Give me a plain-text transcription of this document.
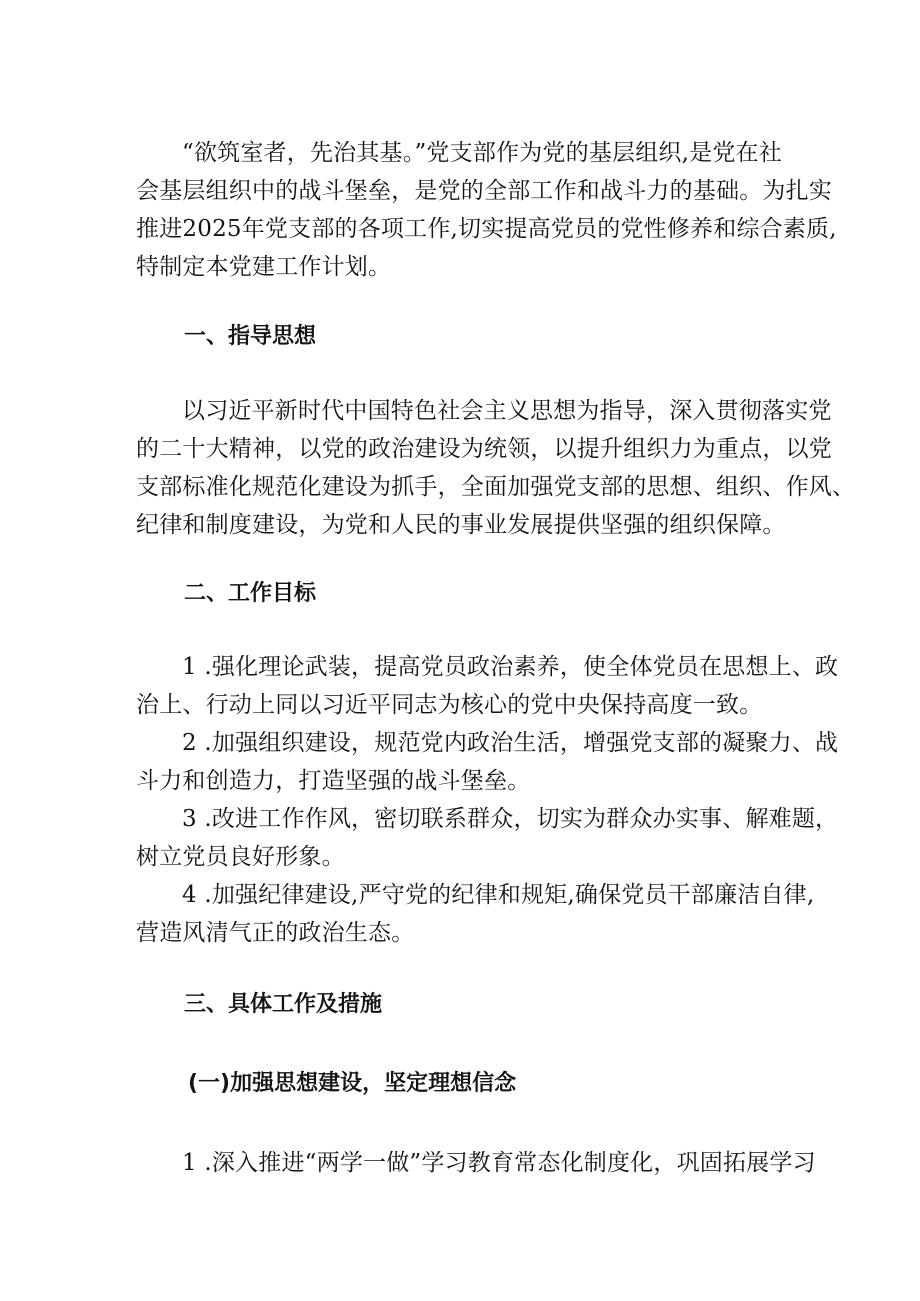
“欲筑室者，先治其基。”党支部作为党的基层组织,是党在社
会基层组织中的战斗堡垒，是党的全部工作和战斗力的基础。为扎实
推进2025年党支部的各项工作,切实提高党员的党性修养和综合素质,
特制定本党建工作计划。
一、指导思想
以习近平新时代中国特色社会主义思想为指导，深入贯彻落实党
的二十大精神，以党的政治建设为统领，以提升组织力为重点，以党
支部标准化规范化建设为抓手，全面加强党支部的思想、组织、作风、
纪律和制度建设，为党和人民的事业发展提供坚强的组织保障。
二、工作目标
1 .强化理论武装，提高党员政治素养，使全体党员在思想上、政
治上、行动上同以习近平同志为核心的党中央保持高度一致。
2 .加强组织建设，规范党内政治生活，增强党支部的凝聚力、战
斗力和创造力，打造坚强的战斗堡垒。
3 .改进工作作风，密切联系群众，切实为群众办实事、解难题，
树立党员良好形象。
4 .加强纪律建设,严守党的纪律和规矩,确保党员干部廉洁自律,
营造风清气正的政治生态。
三、具体工作及措施
(一)加强思想建设，坚定理想信念
1 .深入推进“两学一做”学习教育常态化制度化，巩固拓展学习
